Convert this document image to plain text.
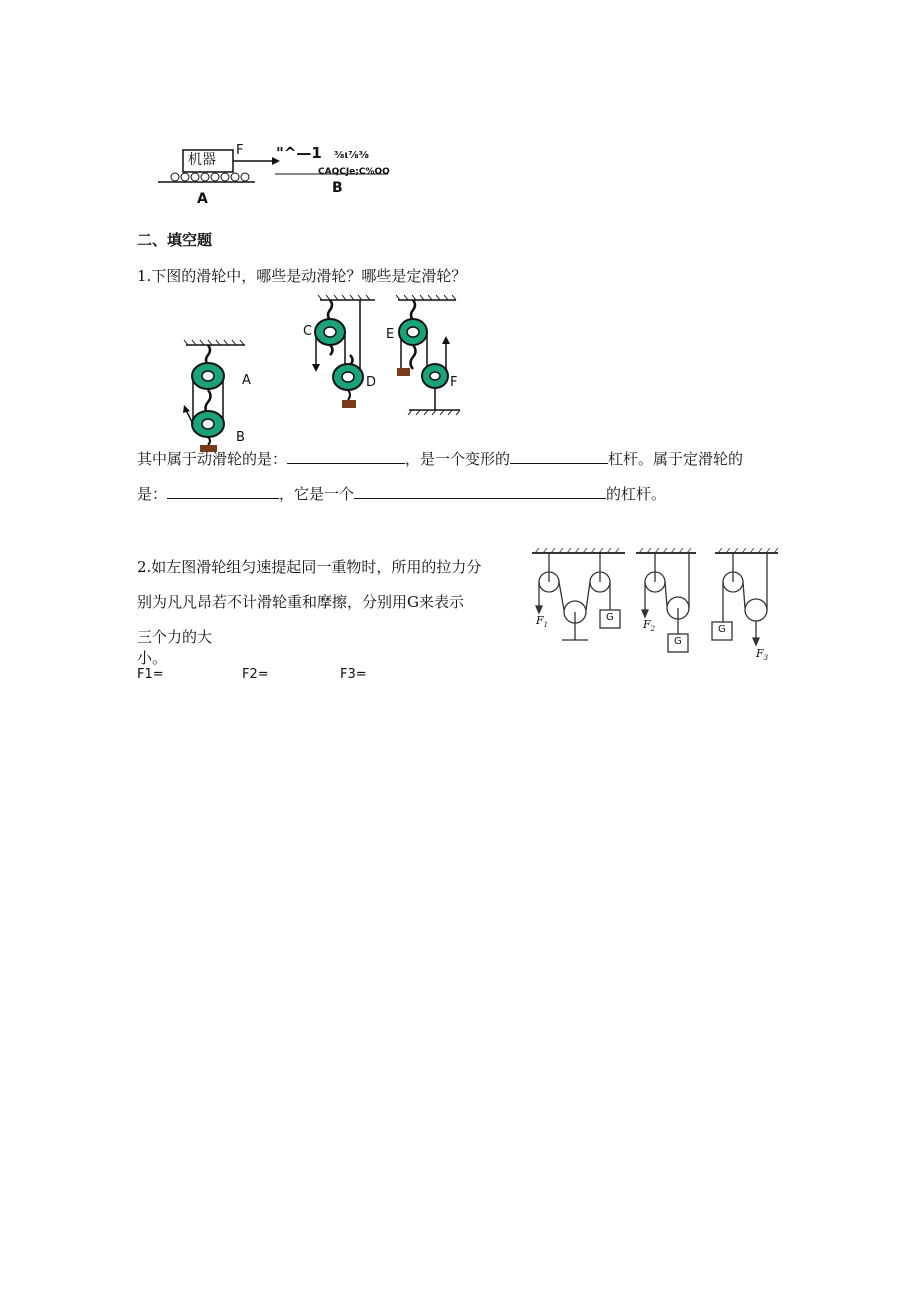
机器
F
A
"^—1 ⅜ι⅞⅜
CAQCJe;C%OO
B
二、填空题
1.下图的滑轮中，哪些是动滑轮？哪些是定滑轮？
A
B
C
D
E
F
其中属于动滑轮的是：	，是一个变形的	杠杆。属于定滑轮的
是：	，它是一个	的杠杆。
2.如左图滑轮组匀速提起同一重物时，所用的拉力分
别为凡凡昂若不计滑轮重和摩擦，分别用G来表示
三个力的大
小。
F1=	F2=	F3=
G
G
G
$F_1$	$F_2$
$F_3$
